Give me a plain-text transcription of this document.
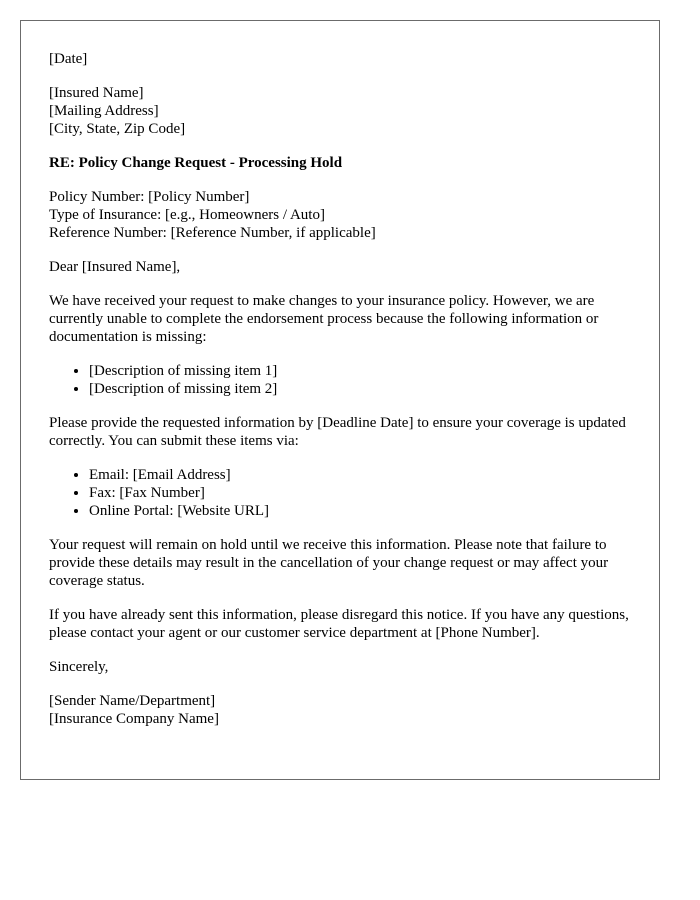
[Date]
[Insured Name]
[Mailing Address]
[City, State, Zip Code]
RE: Policy Change Request - Processing Hold
Policy Number: [Policy Number]
Type of Insurance: [e.g., Homeowners / Auto]
Reference Number: [Reference Number, if applicable]

Dear [Insured Name],

We have received your request to make changes to your insurance policy. However, we are currently unable to complete the endorsement process because the following information or documentation is missing:

• [Description of missing item 1]
• [Description of missing item 2]

Please provide the requested information by [Deadline Date] to ensure your coverage is updated correctly. You can submit these items via:

• Email: [Email Address]
• Fax: [Fax Number]
• Online Portal: [Website URL]

Your request will remain on hold until we receive this information. Please note that failure to provide these details may result in the cancellation of your change request or may affect your coverage status.

If you have already sent this information, please disregard this notice. If you have any questions, please contact your agent or our customer service department at [Phone Number].

Sincerely,

[Sender Name/Department]
[Insurance Company Name]
